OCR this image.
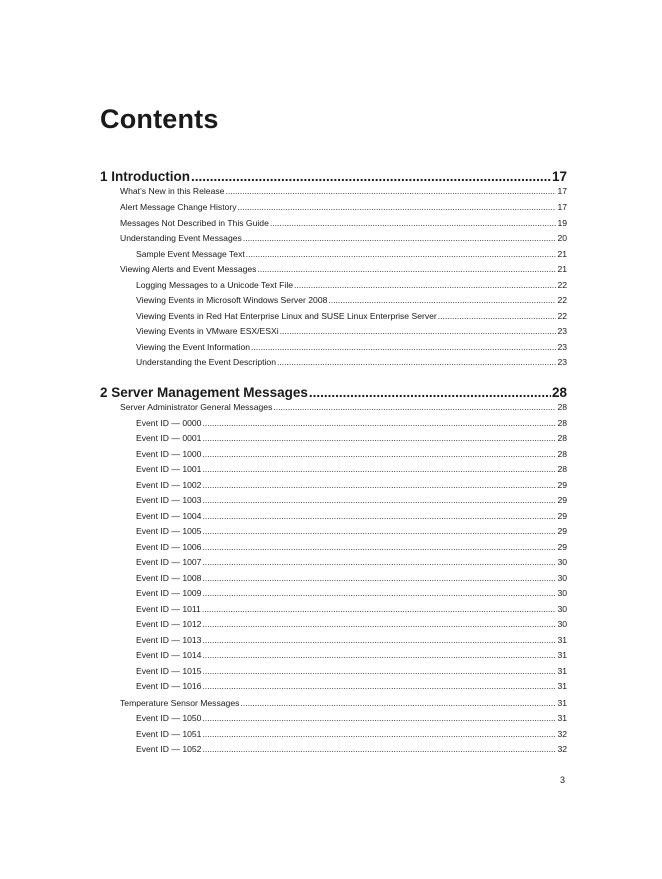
Contents
1 Introduction .....	17
What’s New in this Release .....	17
Alert Message Change History .....	17
Messages Not Described in This Guide .....	19
Understanding Event Messages .....	20
Sample Event Message Text .....	21
Viewing Alerts and Event Messages .....	21
Logging Messages to a Unicode Text File .....	22
Viewing Events in Microsoft Windows Server 2008 .....	22
Viewing Events in Red Hat Enterprise Linux and SUSE Linux Enterprise Server .....	22
Viewing Events in VMware ESX/ESXi .....	23
Viewing the Event Information .....	23
Understanding the Event Description .....	23
2 Server Management Messages .....	28
Server Administrator General Messages .....	28
Event ID — 0000 .....	28
Event ID — 0001 .....	28
Event ID — 1000 .....	28
Event ID — 1001 .....	28
Event ID — 1002 .....	29
Event ID — 1003 .....	29
Event ID — 1004 .....	29
Event ID — 1005 .....	29
Event ID — 1006 .....	29
Event ID — 1007 .....	30
Event ID — 1008 .....	30
Event ID — 1009 .....	30
Event ID — 1011 .....	30
Event ID — 1012 .....	30
Event ID — 1013 .....	31
Event ID — 1014 .....	31
Event ID — 1015 .....	31
Event ID — 1016 .....	31
Temperature Sensor Messages .....	31
Event ID — 1050 .....	31
Event ID — 1051 .....	32
Event ID — 1052 .....	32
3
